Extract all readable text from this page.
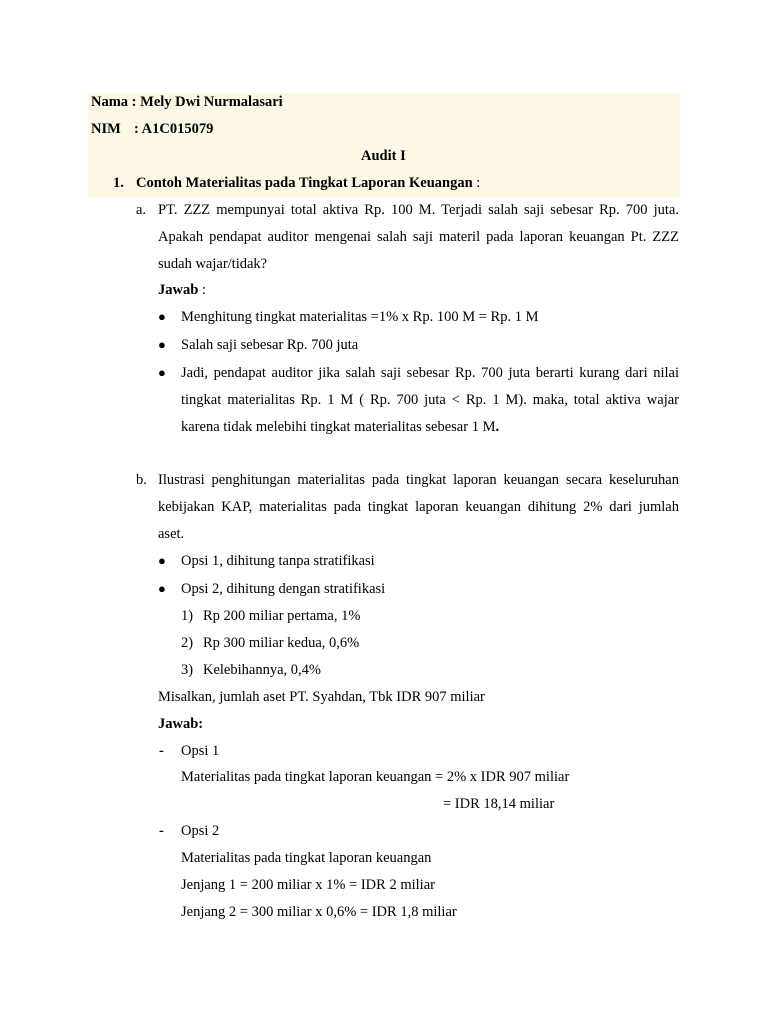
Nama : Mely Dwi Nurmalasari
NIM : A1C015079
Audit I
1. Contoh Materialitas pada Tingkat Laporan Keuangan :
a. PT. ZZZ mempunyai total aktiva Rp. 100 M. Terjadi salah saji sebesar Rp. 700 juta.
Apakah pendapat auditor mengenai salah saji materil pada laporan keuangan Pt. ZZZ
sudah wajar/tidak?
Jawab :
● Menghitung tingkat materialitas =1% x Rp. 100 M = Rp. 1 M
● Salah saji sebesar Rp. 700 juta
● Jadi, pendapat auditor jika salah saji sebesar Rp. 700 juta berarti kurang dari nilai
tingkat materialitas Rp. 1 M ( Rp. 700 juta < Rp. 1 M). maka, total aktiva wajar
karena tidak melebihi tingkat materialitas sebesar 1 M.
b. Ilustrasi penghitungan materialitas pada tingkat laporan keuangan secara keseluruhan
kebijakan KAP, materialitas pada tingkat laporan keuangan dihitung 2% dari jumlah
aset.
● Opsi 1, dihitung tanpa stratifikasi
● Opsi 2, dihitung dengan stratifikasi
1) Rp 200 miliar pertama, 1%
2) Rp 300 miliar kedua, 0,6%
3) Kelebihannya, 0,4%
Misalkan, jumlah aset PT. Syahdan, Tbk IDR 907 miliar
Jawab:
- Opsi 1
Materialitas pada tingkat laporan keuangan = 2% x IDR 907 miliar
= IDR 18,14 miliar
- Opsi 2
Materialitas pada tingkat laporan keuangan
Jenjang 1 = 200 miliar x 1% = IDR 2 miliar
Jenjang 2 = 300 miliar x 0,6% = IDR 1,8 miliar
